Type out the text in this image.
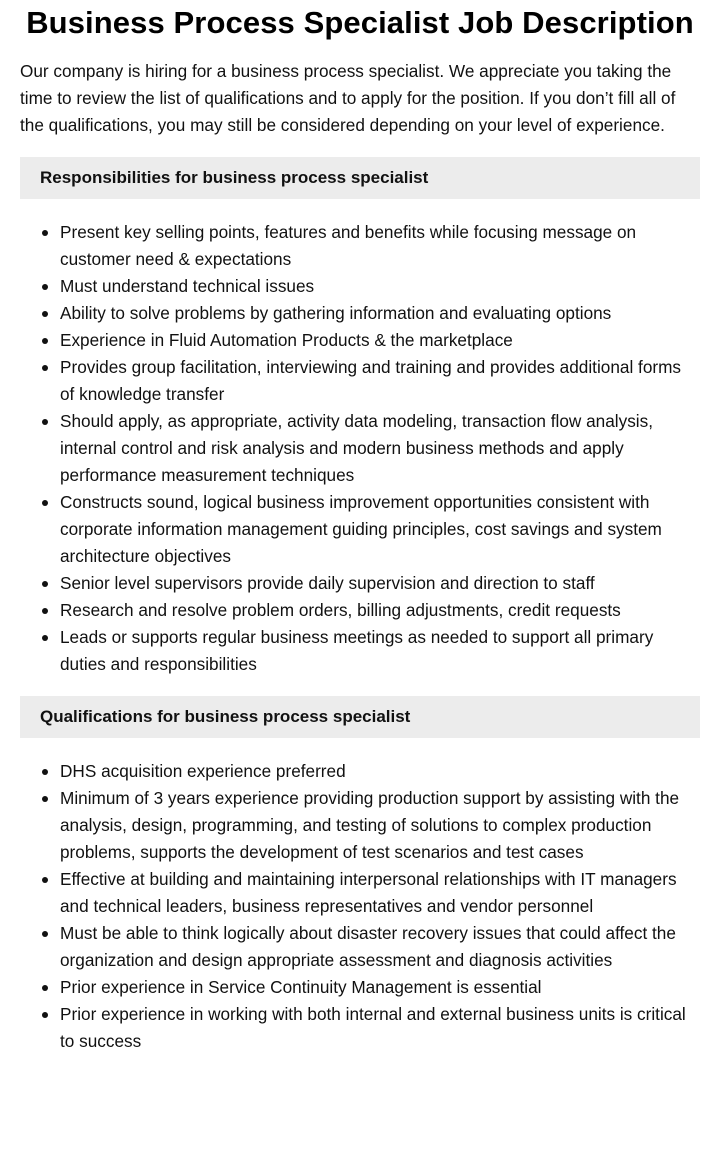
Business Process Specialist Job Description

Our company is hiring for a business process specialist. We appreciate you taking the time to review the list of qualifications and to apply for the position. If you don’t fill all of the qualifications, you may still be considered depending on your level of experience.

Responsibilities for business process specialist
Present key selling points, features and benefits while focusing message on customer need & expectations
Must understand technical issues
Ability to solve problems by gathering information and evaluating options
Experience in Fluid Automation Products & the marketplace
Provides group facilitation, interviewing and training and provides additional forms of knowledge transfer
Should apply, as appropriate, activity data modeling, transaction flow analysis, internal control and risk analysis and modern business methods and apply performance measurement techniques
Constructs sound, logical business improvement opportunities consistent with corporate information management guiding principles, cost savings and system architecture objectives
Senior level supervisors provide daily supervision and direction to staff
Research and resolve problem orders, billing adjustments, credit requests
Leads or supports regular business meetings as needed to support all primary duties and responsibilities
Qualifications for business process specialist
DHS acquisition experience preferred
Minimum of 3 years experience providing production support by assisting with the analysis, design, programming, and testing of solutions to complex production problems, supports the development of test scenarios and test cases
Effective at building and maintaining interpersonal relationships with IT managers and technical leaders, business representatives and vendor personnel
Must be able to think logically about disaster recovery issues that could affect the organization and design appropriate assessment and diagnosis activities
Prior experience in Service Continuity Management is essential
Prior experience in working with both internal and external business units is critical to success
